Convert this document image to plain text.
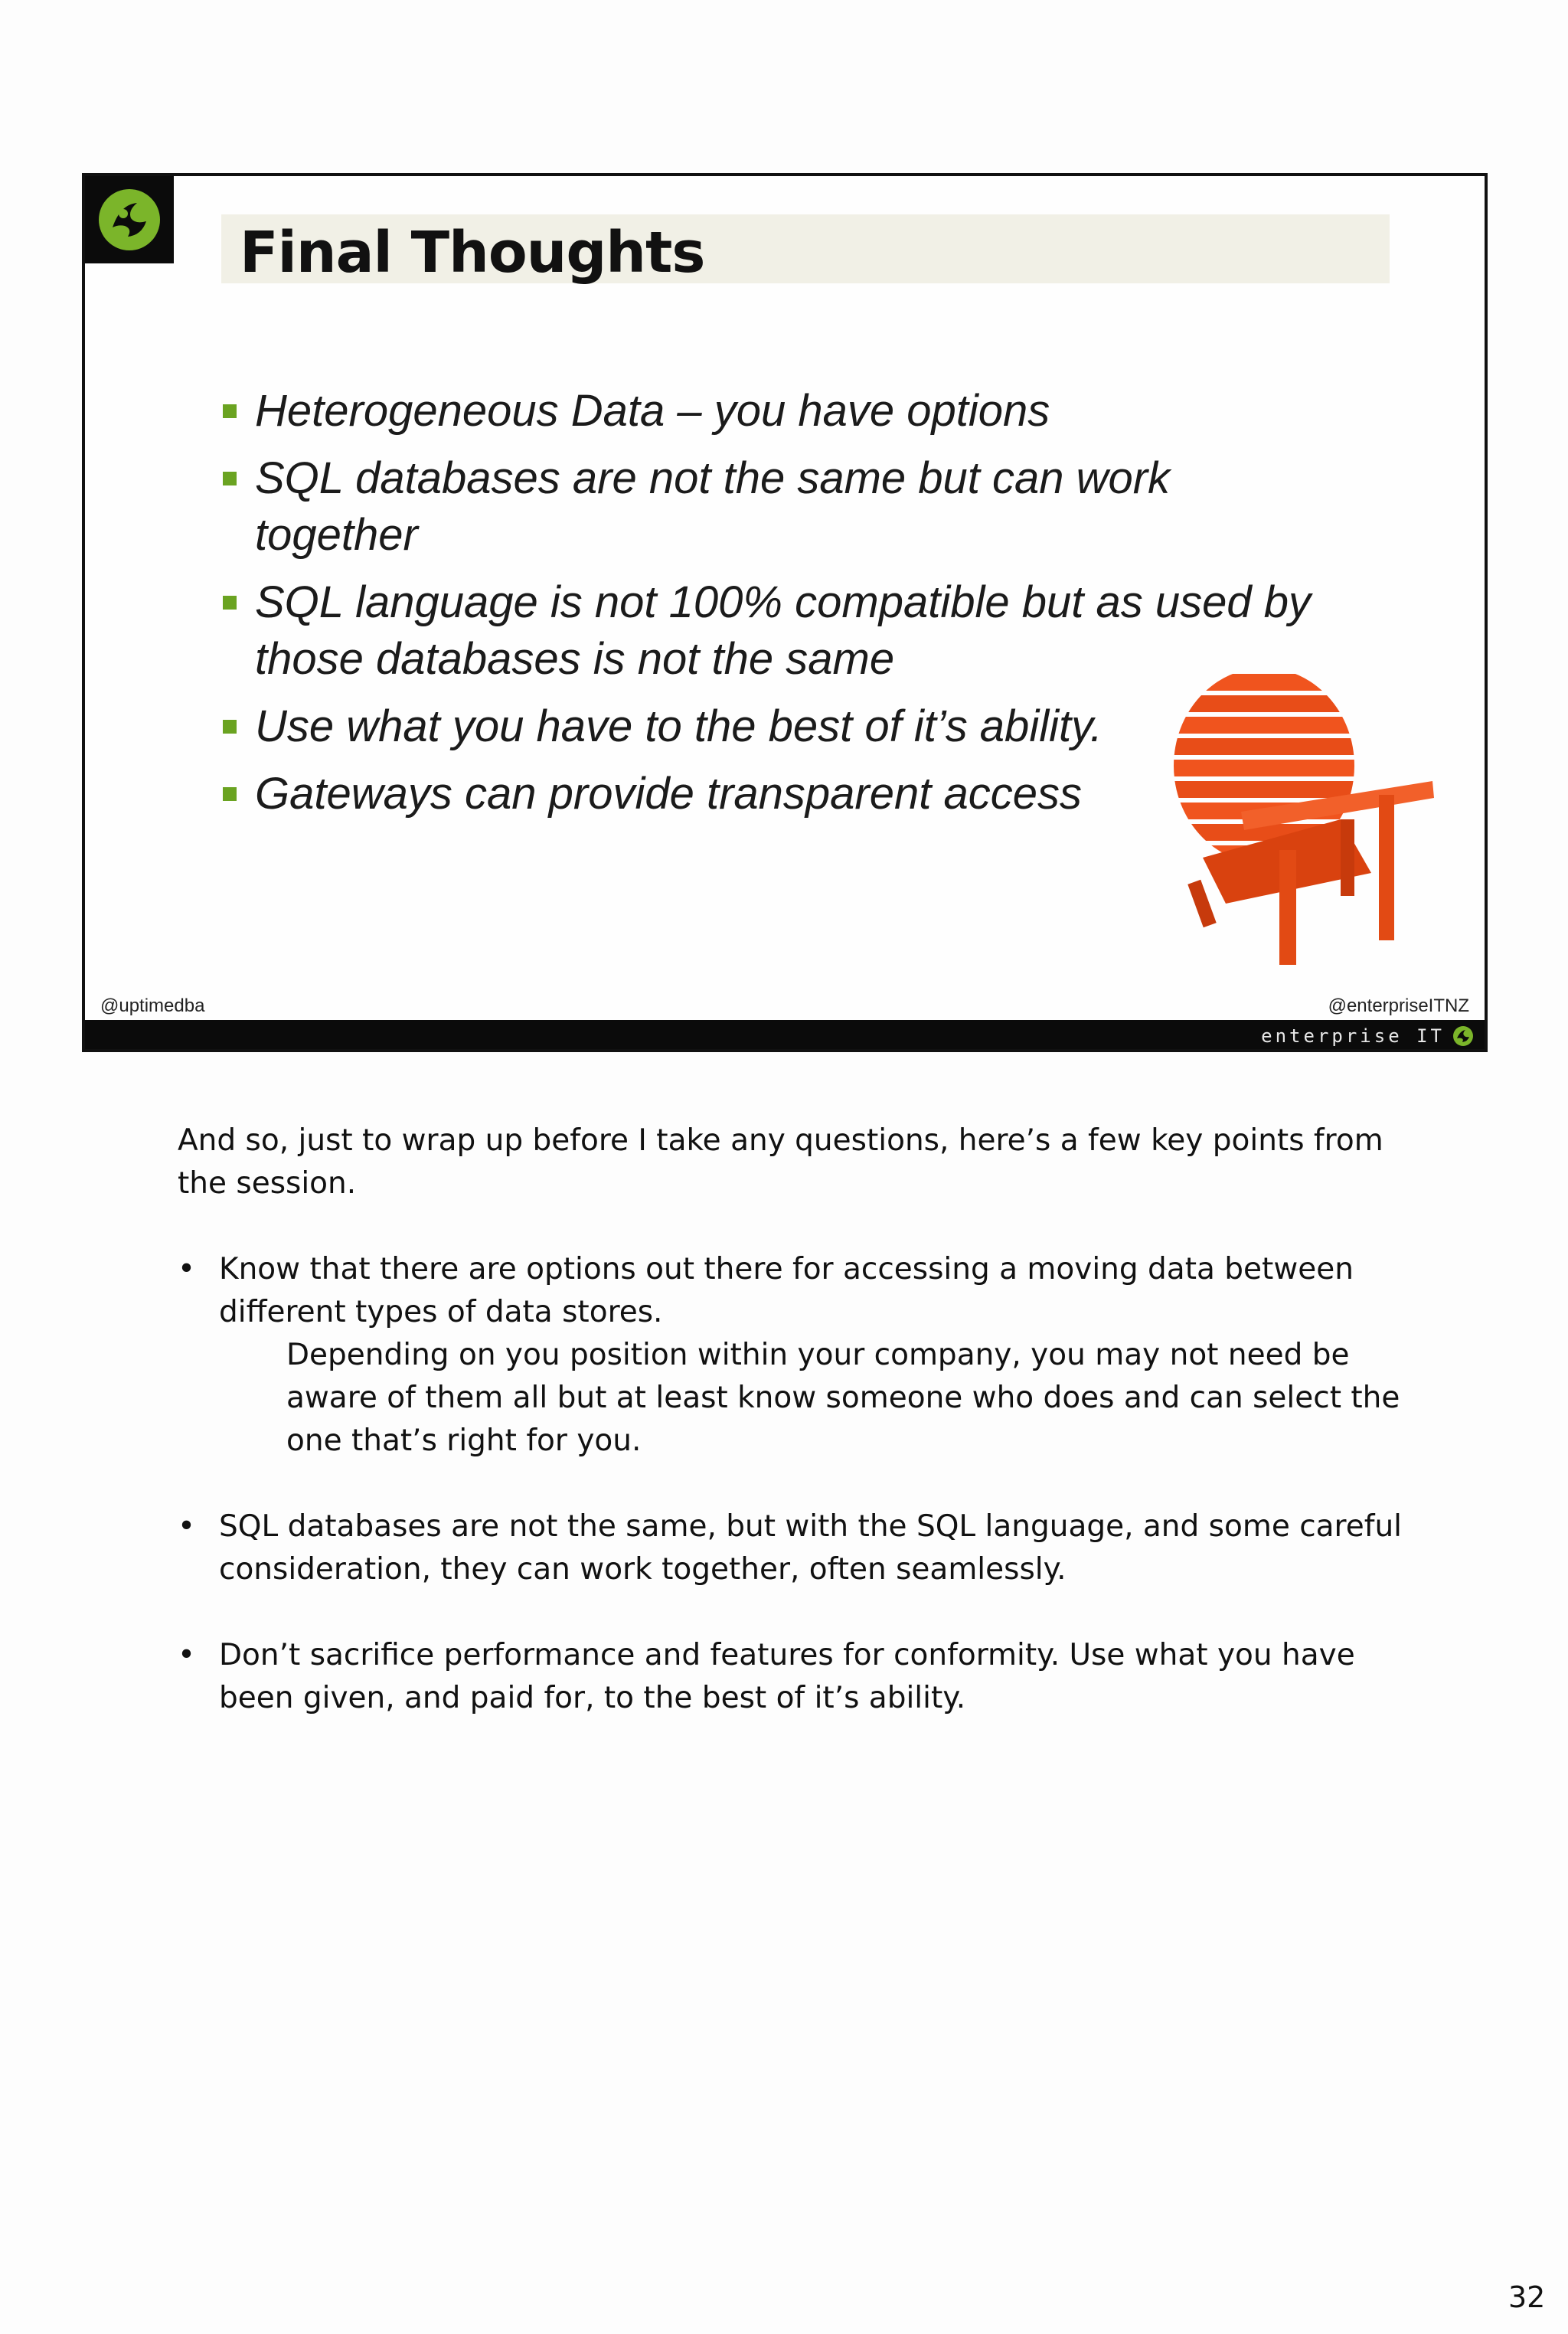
Final Thoughts
Heterogeneous Data – you have options
SQL databases are not the same but can work together
SQL language is not 100% compatible but as used by those databases is not the same
Use what you have to the best of it’s ability.
Gateways can provide transparent access
@uptimedba	@enterpriseITNZ
enterprise IT

And so, just to wrap up before I take any questions, here’s a few key points from the session.

• Know that there are options out there for accessing a moving data between different types of data stores.
Depending on you position within your company, you may not need be aware of them all but at least know someone who does and can select the one that’s right for you.
• SQL databases are not the same, but with the SQL language, and some careful consideration, they can work together, often seamlessly.
• Don’t sacrifice performance and features for conformity. Use what you have been given, and paid for, to the best of it’s ability.
32
